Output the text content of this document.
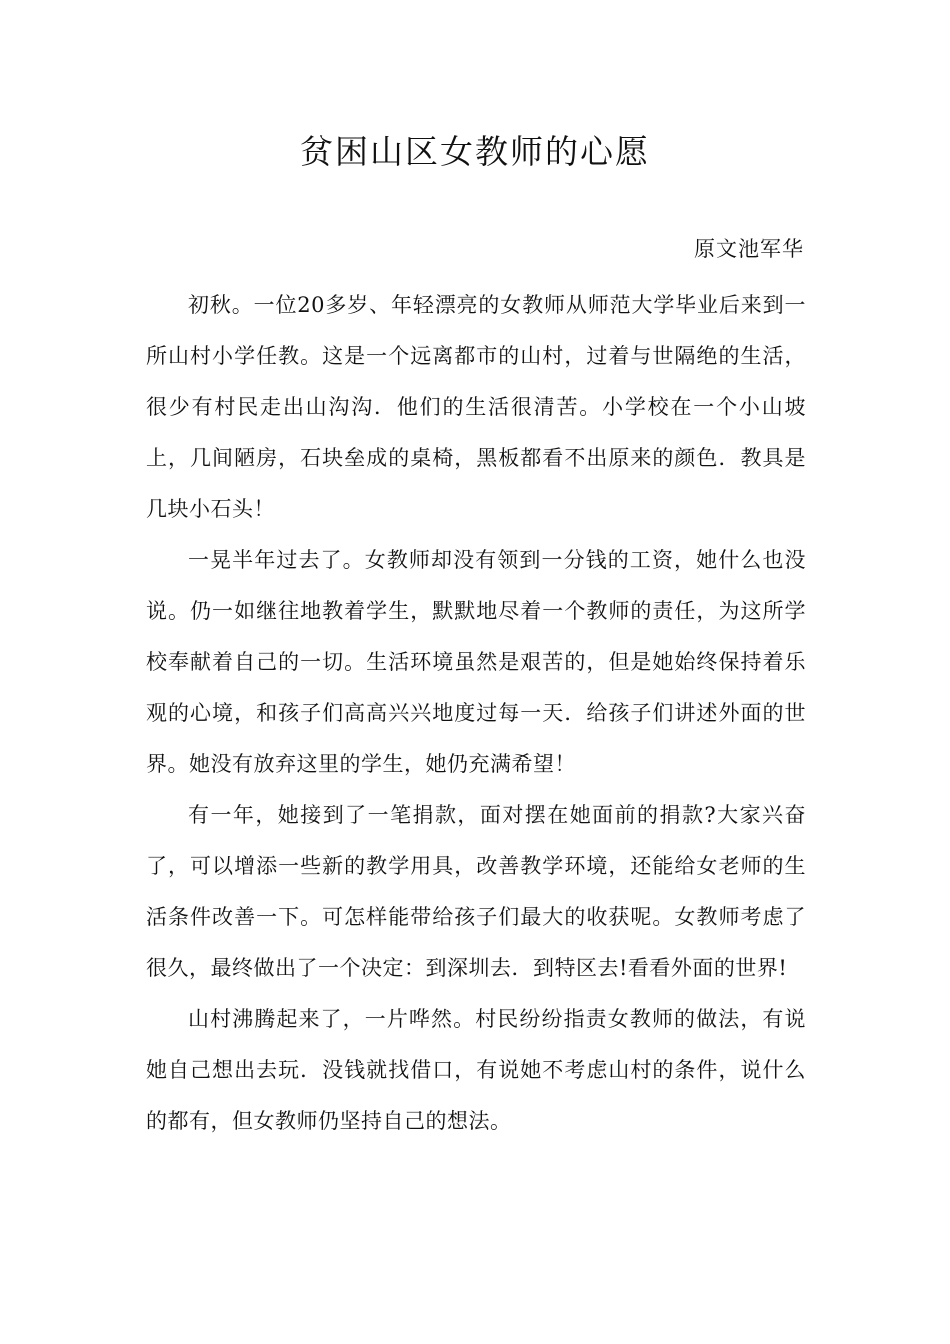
贫困山区女教师的心愿
原文池军华

初秋。一位20多岁、年轻漂亮的女教师从师范大学毕业后来到一所山村小学任教。这是一个远离都市的山村，过着与世隔绝的生活，很少有村民走出山沟沟．他们的生活很清苦。小学校在一个小山坡上，几间陋房，石块垒成的桌椅，黑板都看不出原来的颜色．教具是几块小石头！

一晃半年过去了。女教师却没有领到一分钱的工资，她什么也没说。仍一如继往地教着学生，默默地尽着一个教师的责任，为这所学校奉献着自己的一切。生活环境虽然是艰苦的，但是她始终保持着乐观的心境，和孩子们高高兴兴地度过每一天．给孩子们讲述外面的世界。她没有放弃这里的学生，她仍充满希望！

有一年，她接到了一笔捐款，面对摆在她面前的捐款?大家兴奋了，可以增添一些新的教学用具，改善教学环境，还能给女老师的生活条件改善一下。可怎样能带给孩子们最大的收获呢。女教师考虑了很久，最终做出了一个决定：到深圳去．到特区去!看看外面的世界!

山村沸腾起来了，一片哗然。村民纷纷指责女教师的做法，有说她自己想出去玩．没钱就找借口，有说她不考虑山村的条件，说什么的都有，但女教师仍坚持自己的想法。
